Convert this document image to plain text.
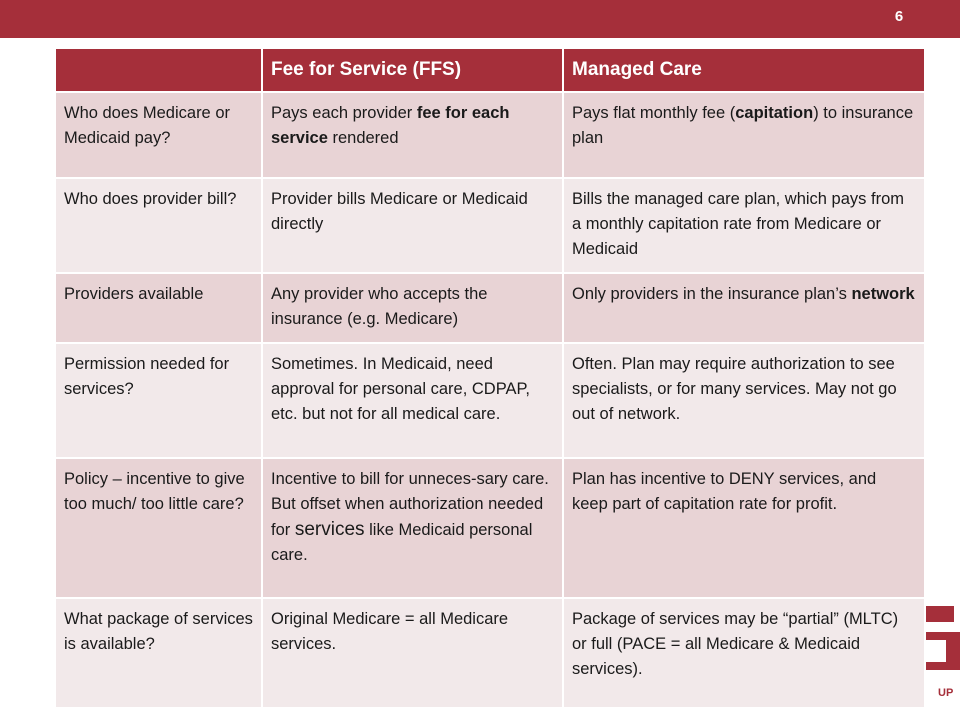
6
UP
	Fee for Service (FFS)	Managed Care
Who does Medicare or Medicaid pay?	Pays each provider fee for each service rendered	Pays flat monthly fee (capitation) to insurance plan
Who does provider bill?	Provider bills Medicare or Medicaid directly	Bills the managed care plan, which pays from a monthly capitation rate from Medicare or Medicaid
Providers available	Any provider who accepts the insurance (e.g. Medicare)	Only providers in the insurance plan’s network
Permission needed for services?	Sometimes. In Medicaid, need approval for personal care, CDPAP, etc. but not for all medical care.	Often. Plan may require authorization to see specialists, or for many services. May not go out of network.
Policy – incentive to give too much/ too little care?	Incentive to bill for unneces-sary care. But offset when authorization needed for services like Medicaid personal care.	Plan has incentive to DENY services, and keep part of capitation rate for profit.
What package of services is available?	Original Medicare = all Medicare services.	Package of services may be “partial” (MLTC) or full (PACE = all Medicare & Medicaid services).
